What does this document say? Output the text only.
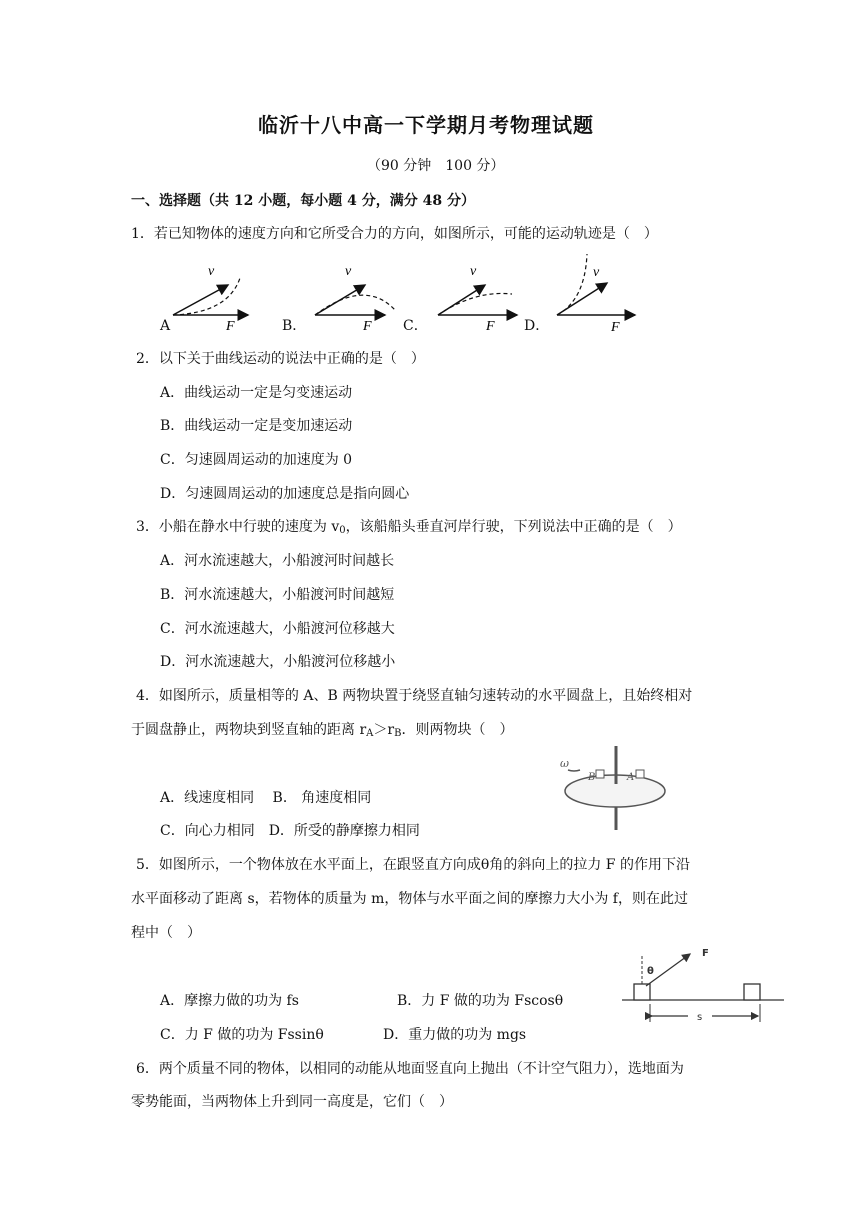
临沂十八中高一下学期月考物理试题
（90 分钟　100 分）
一、选择题（共 12 小题，每小题 4 分，满分 48 分）
1．若已知物体的速度方向和它所受合力的方向，如图所示，可能的运动轨迹是（　）
A	B．	C．	D．
v
F
v
F
v
F
v
F
2．以下关于曲线运动的说法中正确的是（　）
A．曲线运动一定是匀变速运动
B．曲线运动一定是变加速运动
C．匀速圆周运动的加速度为 0
D．匀速圆周运动的加速度总是指向圆心
3．小船在静水中行驶的速度为 $v_0$，该船船头垂直河岸行驶，下列说法中正确的是（　）
A．河水流速越大，小船渡河时间越长
B．河水流速越大，小船渡河时间越短
C．河水流速越大，小船渡河位移越大
D．河水流速越大，小船渡河位移越小
4．如图所示，质量相等的 A、B 两物块置于绕竖直轴匀速转动的水平圆盘上，且始终相对
于圆盘静止，两物块到竖直轴的距离 $r_A>r_B$．则两物块（　）
A．线速度相同　 B． 角速度相同
C．向心力相同　D．所受的静摩擦力相同
ω
B	A
5．如图所示，一个物体放在水平面上，在跟竖直方向成θ角的斜向上的拉力 F 的作用下沿
水平面移动了距离 s，若物体的质量为 m，物体与水平面之间的摩擦力大小为 f，则在此过
程中（　）
A．摩擦力做的功为 fs	B．力 F 做的功为 Fscosθ
C．力 F 做的功为 Fssinθ	D．重力做的功为 mgs
F
θ
s
6．两个质量不同的物体，以相同的动能从地面竖直向上抛出（不计空气阻力），选地面为
零势能面，当两物体上升到同一高度是，它们（　）
